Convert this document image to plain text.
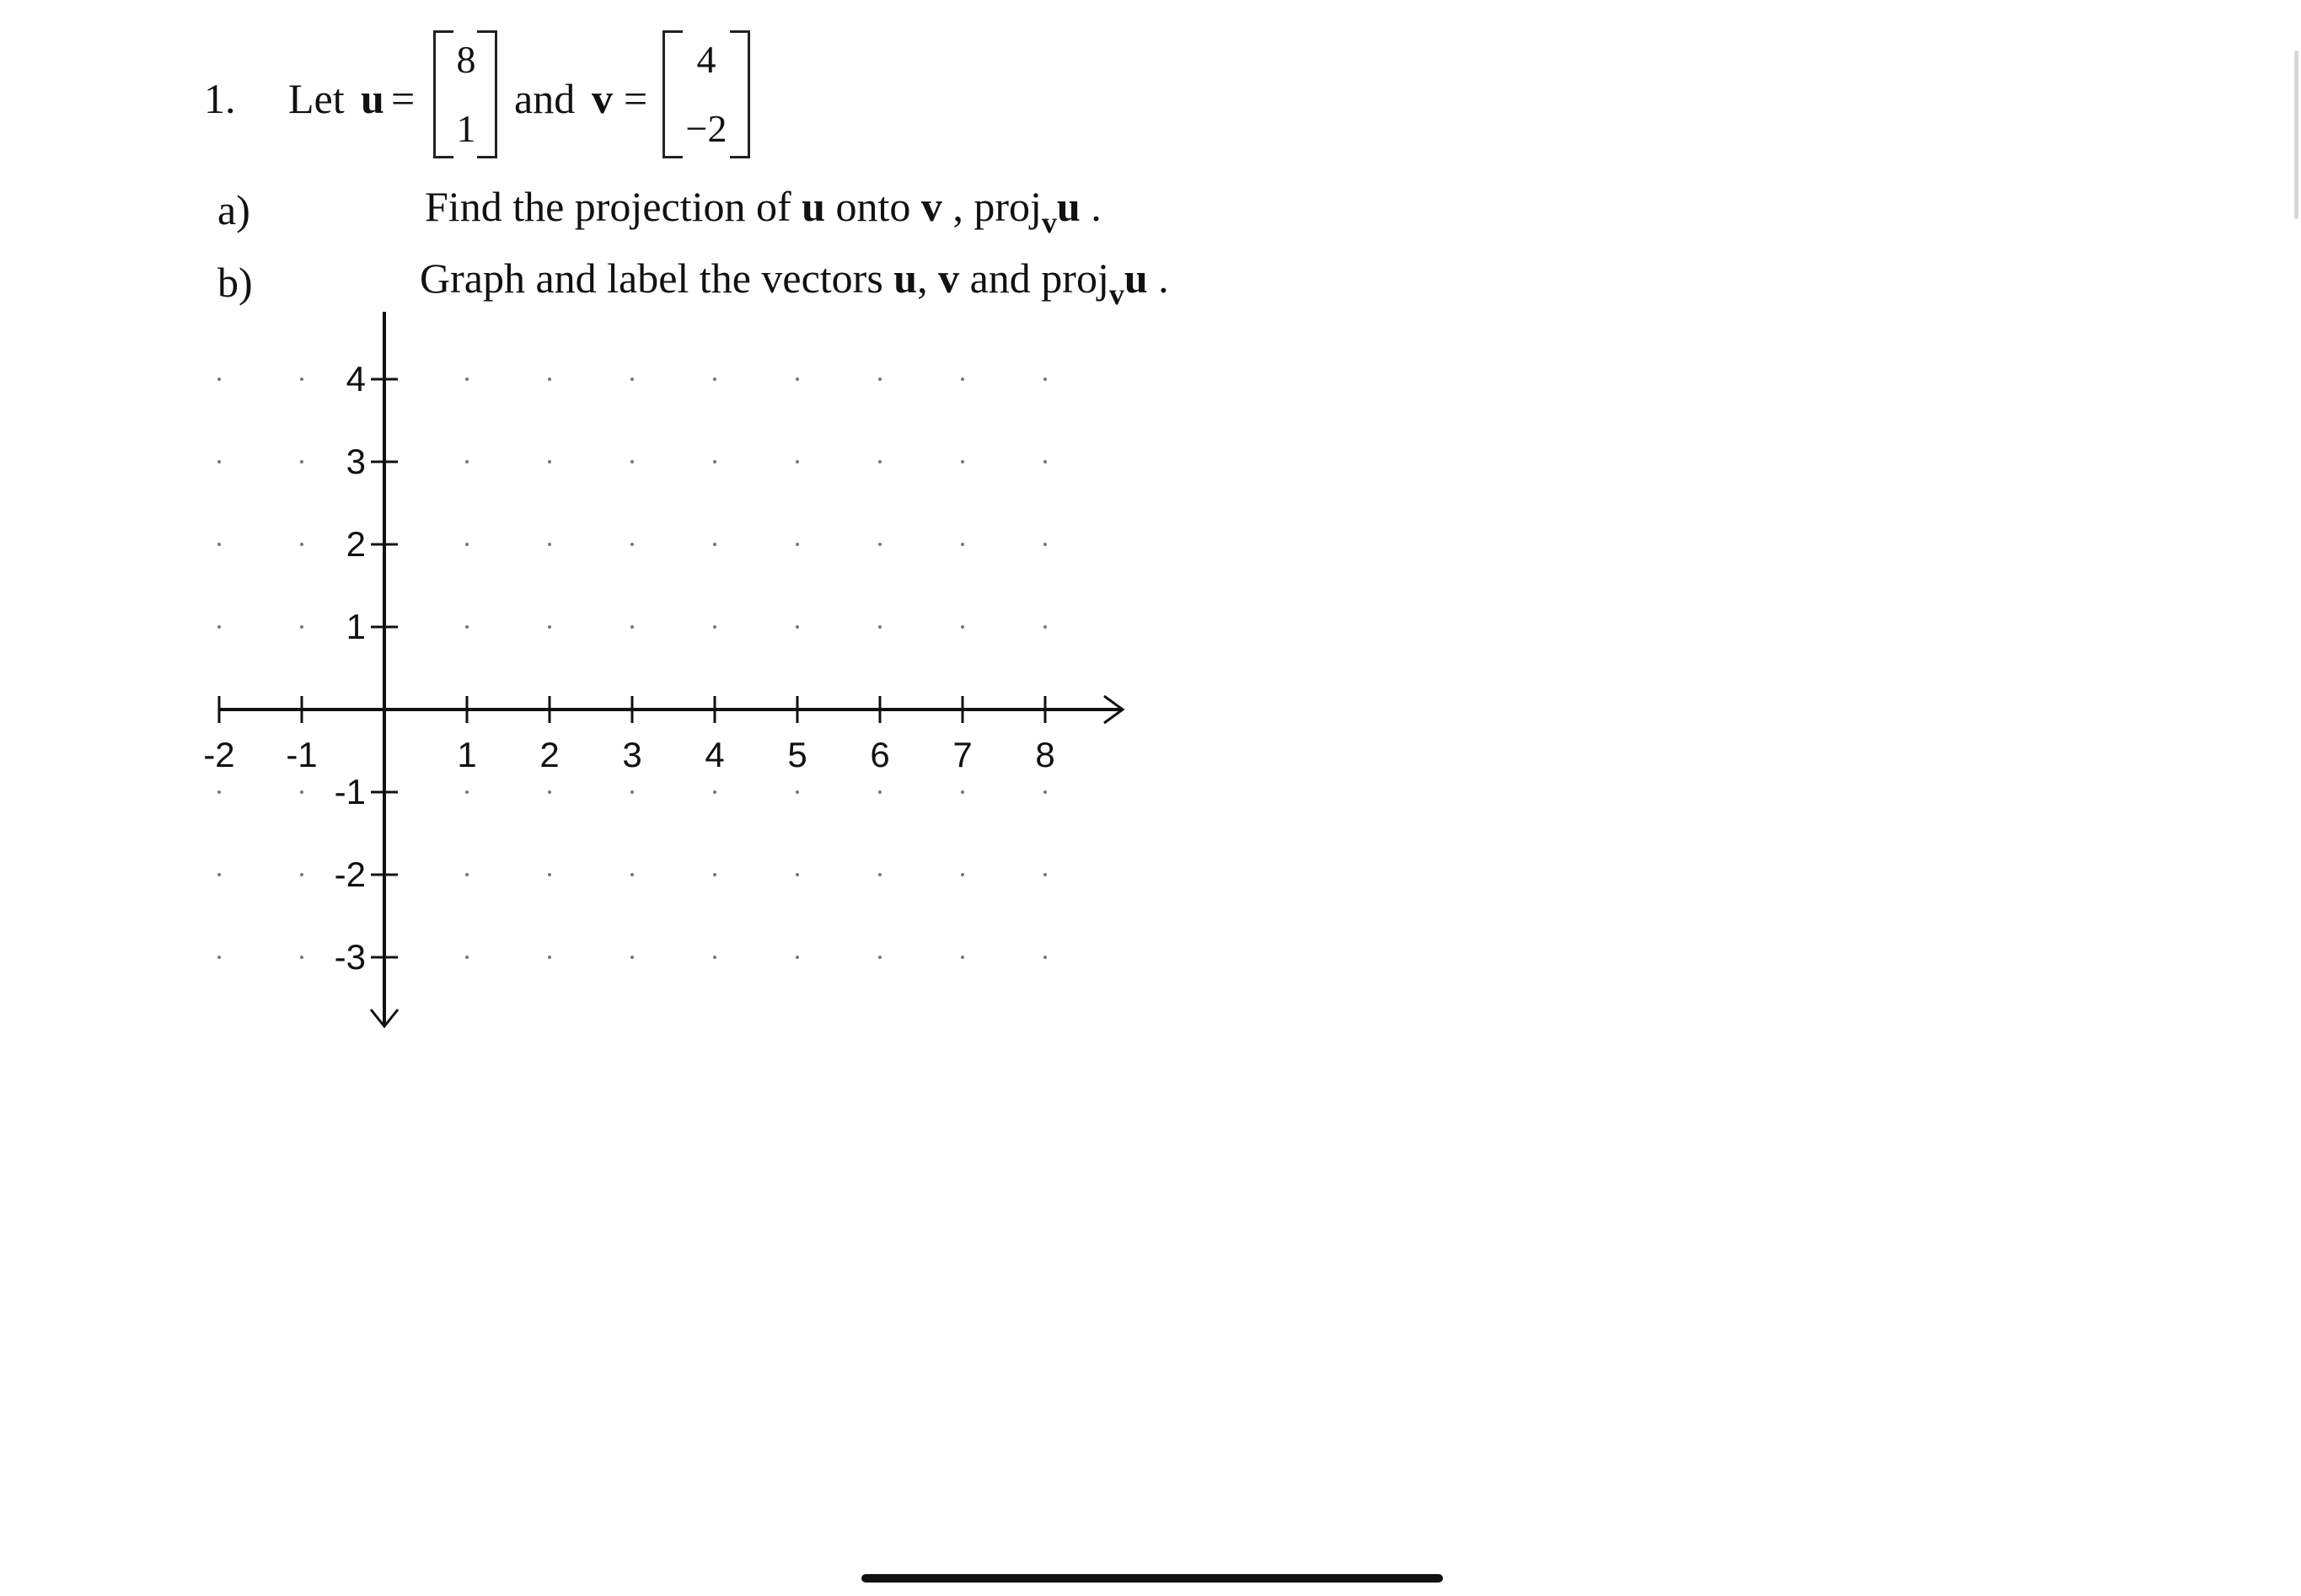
1. Let u =
8
1
and v =
4
−2
a)	Find the projection of u onto v , proj$_v$u .
b)	Graph and label the vectors u, v and proj$_v$u .
-2 -1	1 2 3 4 5 6 7 8
4
3
2
1
-1
-2
-3
